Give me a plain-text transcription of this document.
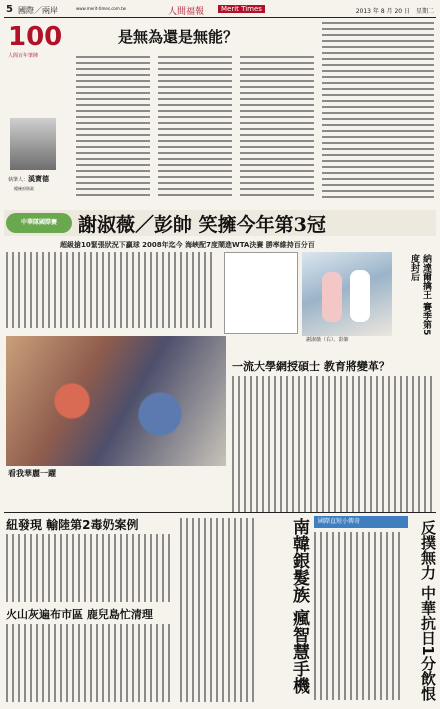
5 國際／兩岸	www.merit-times.com.tw	人間福報	Merit Times	2013 年 8 月 20 日　星期二
100
人間百年筆陣
是無為還是無能？
執筆人：溪寶德
總統府資政
中華隊國際賽	謝淑薇／彭帥 笑擁今年第3冠
超級搶10緊張狀況下贏球 2008年迄今 海峽配7度鬧進WTA決賽 勝率維持百分百
謝淑薇（右）、彭帥
納達爾擒王 賽季第5度封后
看我華麗一躍
一流大學網授碩士 教育將變革？
紐發現 輸陸第2毒奶案例
火山灰遍布市區 鹿兒島忙清理	南韓銀髮族 瘋智慧手機	國際直短小傳奇	反撲無力 中華抗日1分飲恨
